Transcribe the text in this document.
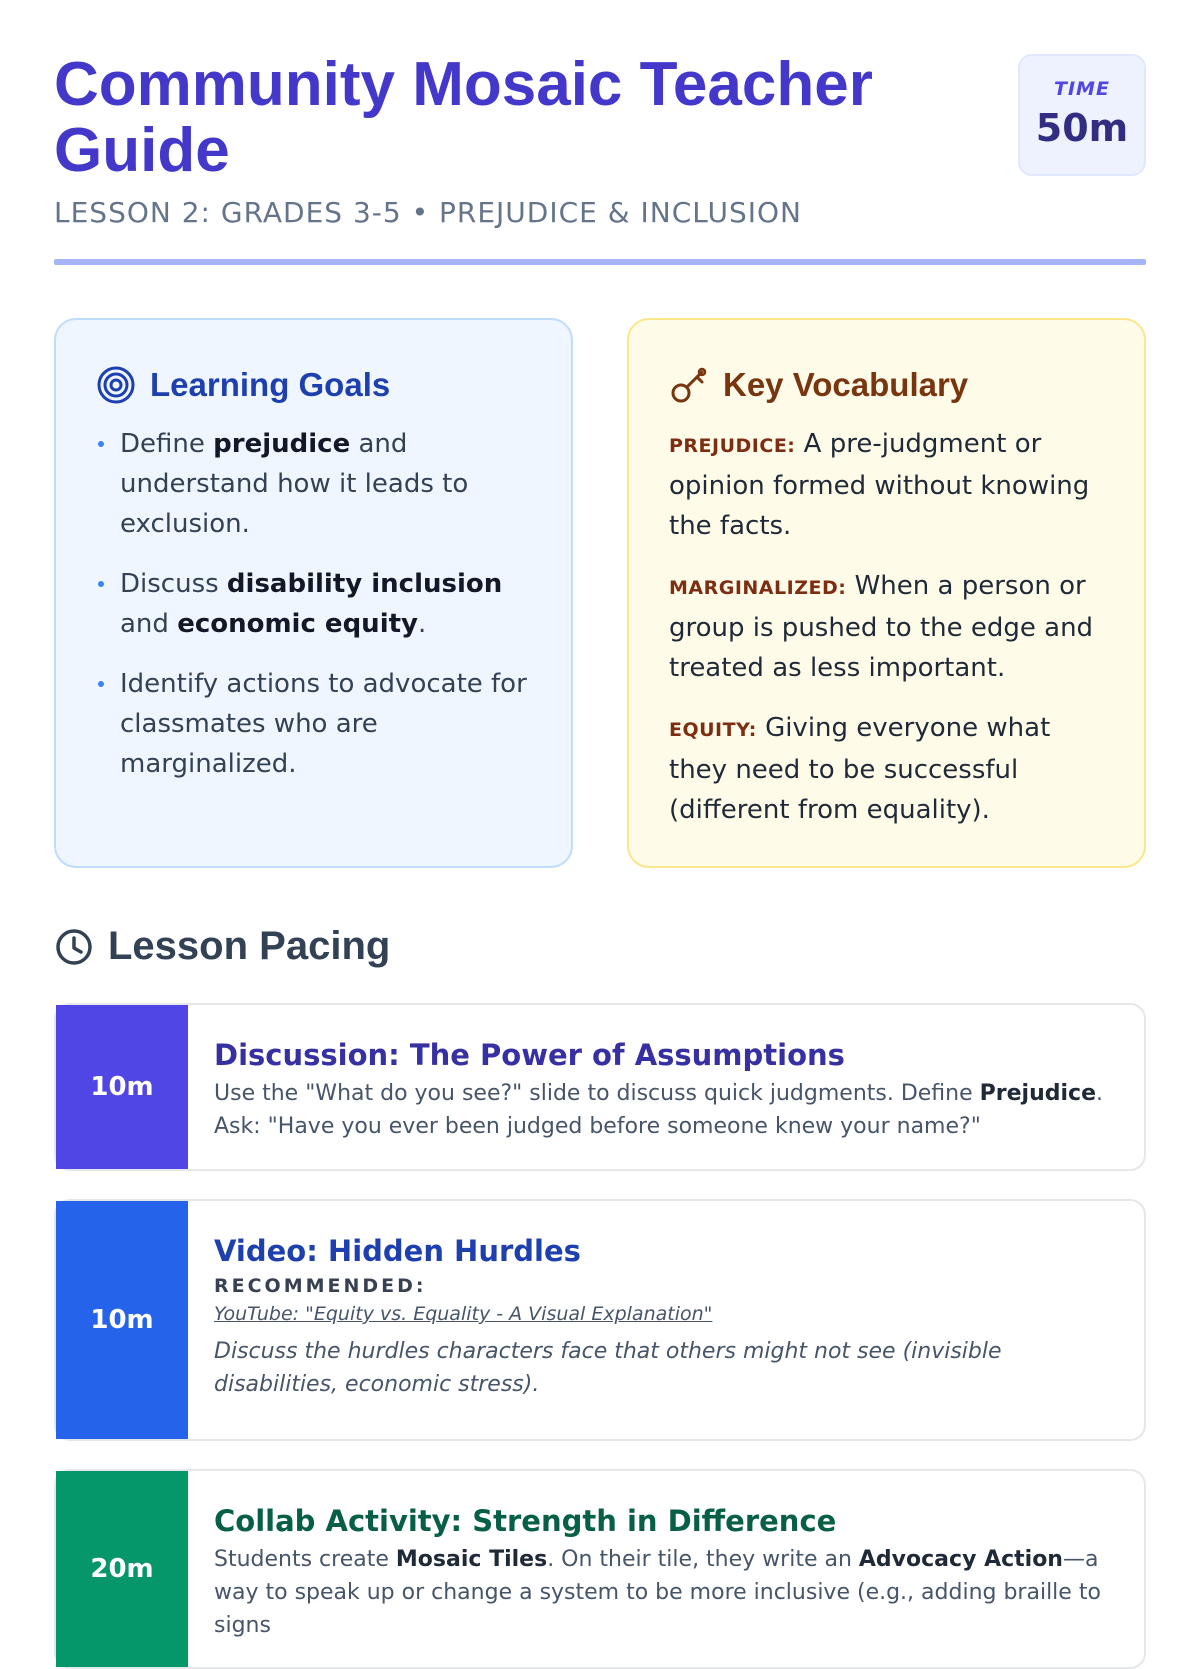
Community Mosaic Teacher Guide
LESSON 2: GRADES 3-5 • PREJUDICE & INCLUSION
TIME
50m
Learning Goals
Define prejudice and understand how it leads to exclusion.
Discuss disability inclusion and economic equity.
Identify actions to advocate for classmates who are marginalized.
Key Vocabulary
PREJUDICE: A pre-judgment or opinion formed without knowing the facts.
MARGINALIZED: When a person or group is pushed to the edge and treated as less important.
EQUITY: Giving everyone what they need to be successful (different from equality).
Lesson Pacing
10m
Discussion: The Power of Assumptions
Use the "What do you see?" slide to discuss quick judgments. Define Prejudice. Ask: "Have you ever been judged before someone knew your name?"
10m
Video: Hidden Hurdles
RECOMMENDED:
YouTube: "Equity vs. Equality - A Visual Explanation"
Discuss the hurdles characters face that others might not see (invisible disabilities, economic stress).
20m
Collab Activity: Strength in Difference
Students create Mosaic Tiles. On their tile, they write an Advocacy Action—a way to speak up or change a system to be more inclusive (e.g., adding braille to signs
